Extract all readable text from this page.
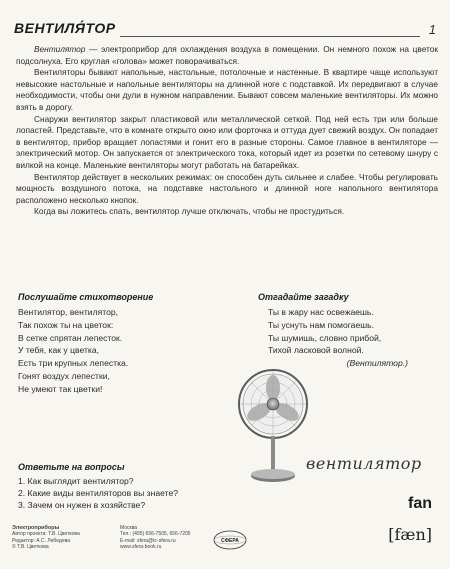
ВЕНТИЛЯ́ТОР	1

Вентилятор — электроприбор для охлаждения воздуха в помещении. Он немного похож на цветок подсолнуха. Его круглая «голова» может поворачиваться.

Вентиляторы бывают напольные, настольные, потолочные и настенные. В квартире чаще используют невысокие настольные и напольные вентиляторы на длинной ноге с подставкой. Их передвигают в случае необходимости, чтобы они дули в нужном направлении. Бывают совсем маленькие вентиляторы. Их можно взять в дорогу.

Снаружи вентилятор закрыт пластиковой или металлической сеткой. Под ней есть три или больше лопастей. Представьте, что в комнате открыто окно или форточка и оттуда дует свежий воздух. Он попадает в вентилятор, прибор вращает лопастями и гонит его в разные стороны. Самое главное в вентиляторе — электрический мотор. Он запускается от электрического тока, который идет из розетки по сетевому шнуру с вилкой на конце. Маленькие вентиляторы могут работать на батарейках.

Вентилятор действует в нескольких режимах: он способен дуть сильнее и слабее. Чтобы регулировать мощность воздушного потока, на подставке настольного и длинной ноге напольного вентилятора расположено несколько кнопок.

Когда вы ложитесь спать, вентилятор лучше отключать, чтобы не простудиться.

Послушайте стихотворение
Вентилятор, вентилятор,
Так похож ты на цветок:
В сетке спрятан лепесток.
У тебя, как у цветка,
Есть три крупных лепестка.
Гонят воздух лепестки,
Не умеют так цветки!
Отгадайте загадку
Ты в жару нас освежаешь.
Ты уснуть нам помогаешь.
Ты шумишь, словно прибой,
Тихой ласковой волной.
(Вентилятор.)
вентилятор
fan
[fæn]
Ответьте на вопросы
1. Как выглядит вентилятор?
2. Какие виды вентиляторов вы знаете?
3. Зачем он нужен в хозяйстве?
Электроприборы
Автор проекта: Т.В. Цветкова
Редактор: А.С. Лебедева
© Т.В. Цветкова
Москва
Тел.: (495) 656-7505, 656-7205
E-mail: sfera@tc-sfera.ru
www.sfera-book.ru
СФЕРА
